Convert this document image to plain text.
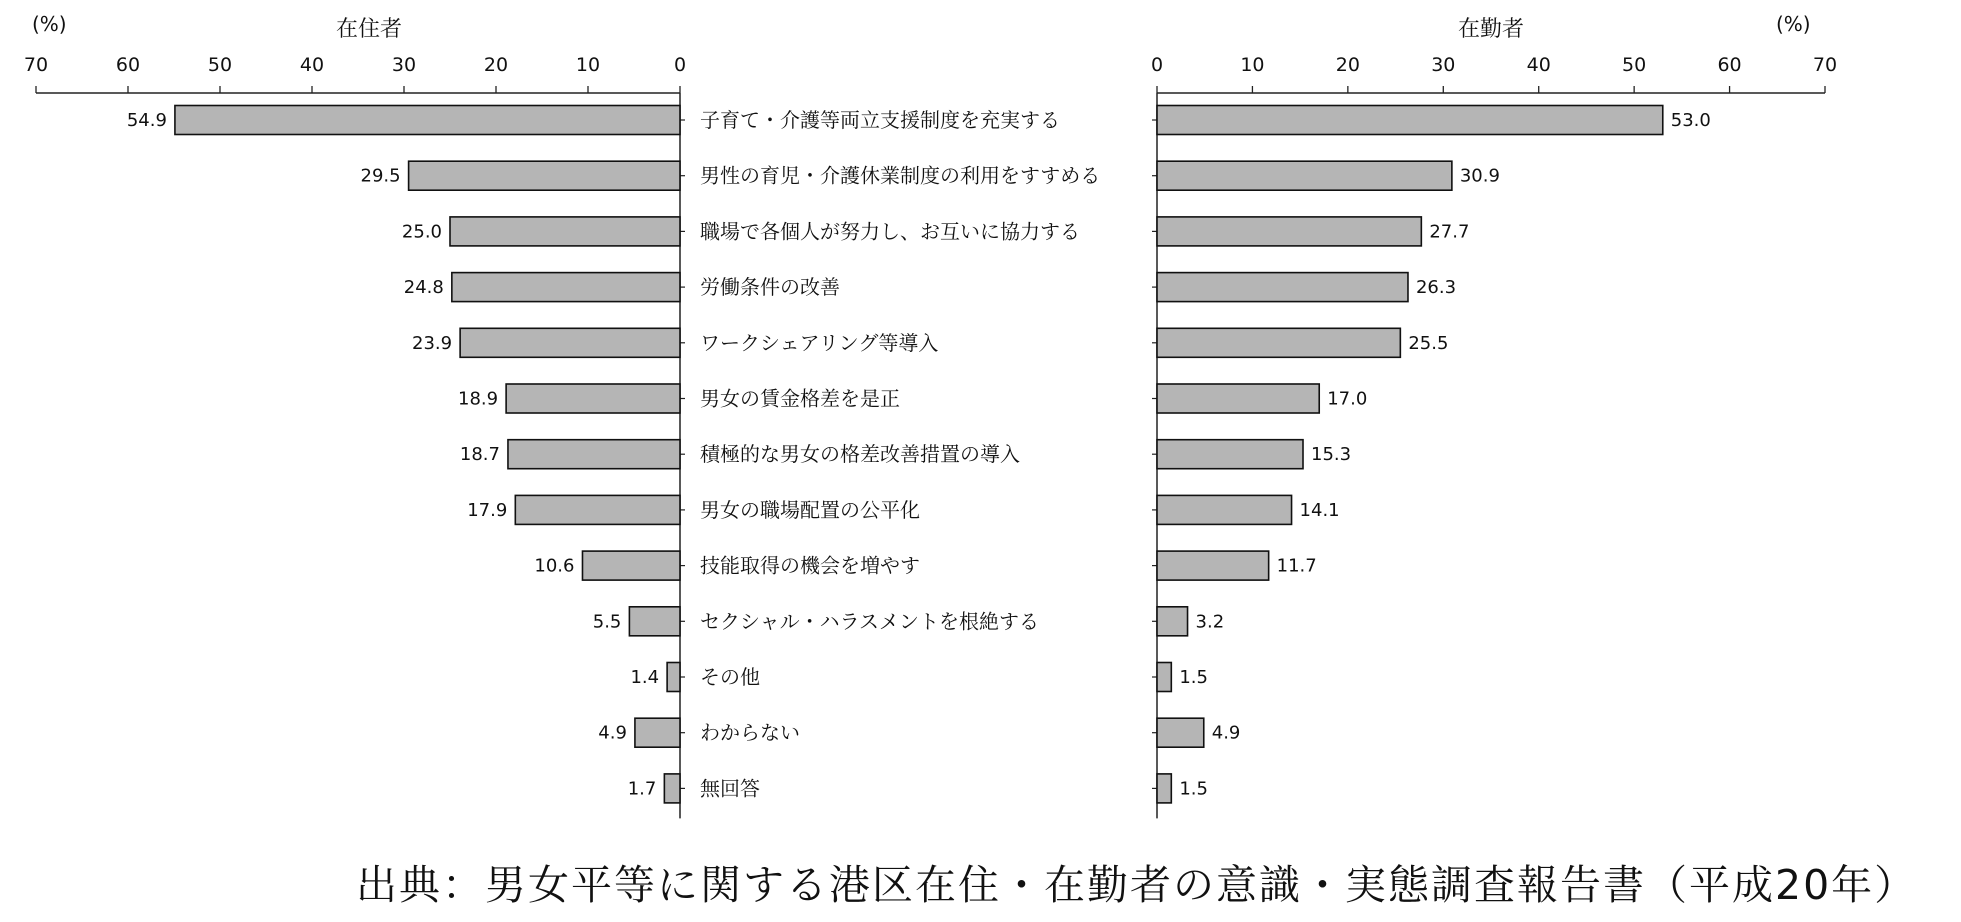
(%)	在住者	在勤者	(%)
0	0
10	10
20	20
30	30
40	40
50	50
60	60
70	70
54.9	子育て・介護等両立支援制度を充実する	53.0
29.5	男性の育児・介護休業制度の利用をすすめる	30.9
25.0	職場で各個人が努力し、お互いに協力する	27.7
24.8	労働条件の改善	26.3
23.9	ワークシェアリング等導入	25.5
18.9	男女の賃金格差を是正	17.0
18.7	積極的な男女の格差改善措置の導入	15.3
17.9	男女の職場配置の公平化	14.1
10.6	技能取得の機会を増やす	11.7
5.5	セクシャル・ハラスメントを根絶する	3.2
1.4 その他	1.5
4.9	わからない	4.9
1.7 無回答	1.5
出典：男女平等に関する港区在住・在勤者の意識・実態調査報告書（平成20年）
